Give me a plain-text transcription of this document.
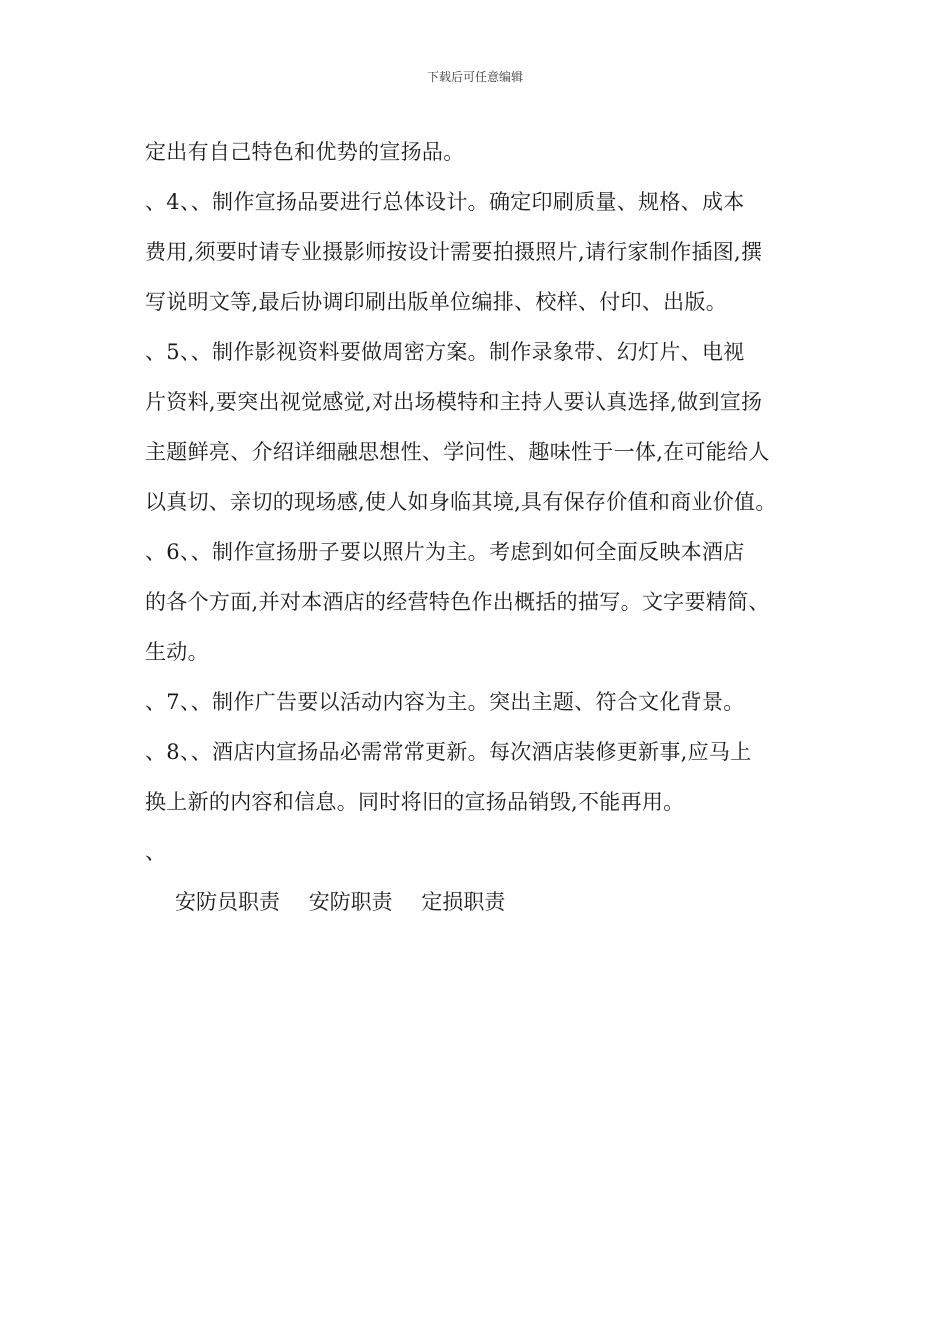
下载后可任意编辑
定出有自己特色和优势的宣扬品。
、4、、制作宣扬品要进行总体设计。确定印刷质量、规格、成本
费用,须要时请专业摄影师按设计需要拍摄照片,请行家制作插图,撰
写说明文等,最后协调印刷出版单位编排、校样、付印、出版。
、5、、制作影视资料要做周密方案。制作录象带、幻灯片、电视
片资料,要突出视觉感觉,对出场模特和主持人要认真选择,做到宣扬
主题鲜亮、介绍详细融思想性、学问性、趣味性于一体,在可能给人
以真切、亲切的现场感,使人如身临其境,具有保存价值和商业价值。
、6、、制作宣扬册子要以照片为主。考虑到如何全面反映本酒店
的各个方面,并对本酒店的经营特色作出概括的描写。文字要精简、
生动。
、7、、制作广告要以活动内容为主。突出主题、符合文化背景。
、8、、酒店内宣扬品必需常常更新。每次酒店装修更新事,应马上
换上新的内容和信息。同时将旧的宣扬品销毁,不能再用。
、
安防员职责 安防职责 定损职责
